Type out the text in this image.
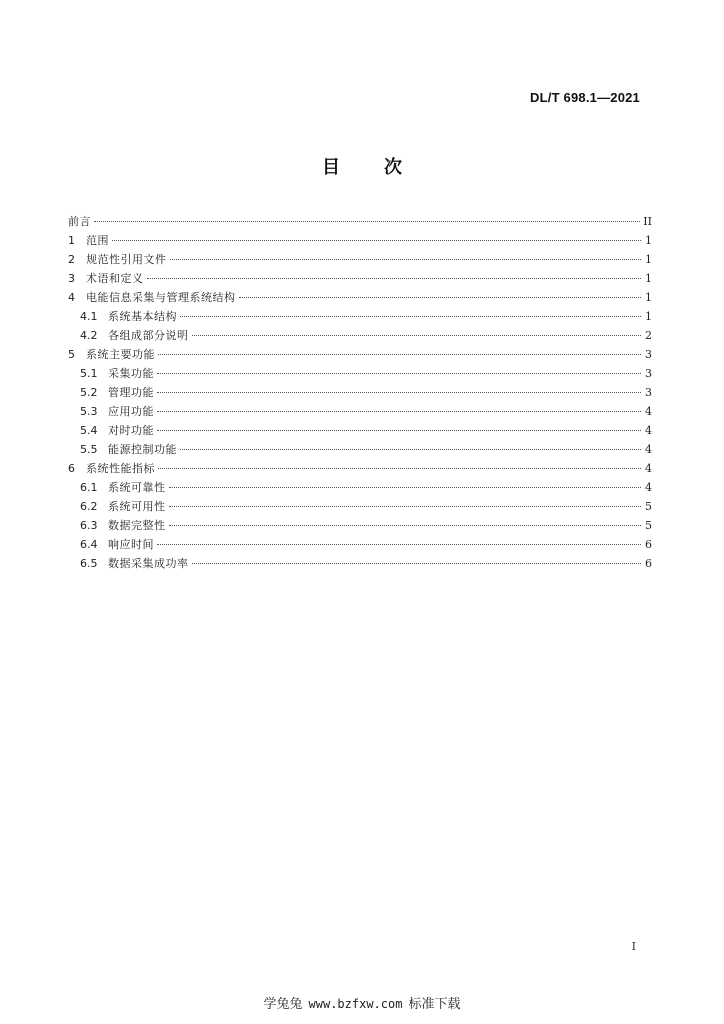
DL/T 698.1—2021
目 次
前言	II
1	范围	1
2	规范性引用文件	1
3	术语和定义	1
4	电能信息采集与管理系统结构	1
4.1 系统基本结构	1
4.2 各组成部分说明	2
5	系统主要功能	3
5.1 采集功能	3
5.2 管理功能	3
5.3 应用功能	4
5.4 对时功能	4
5.5 能源控制功能	4
6	系统性能指标	4
6.1 系统可靠性	4
6.2 系统可用性	5
6.3 数据完整性	5
6.4 响应时间	6
6.5 数据采集成功率	6
I
学兔兔 www.bzfxw.com 标准下载
